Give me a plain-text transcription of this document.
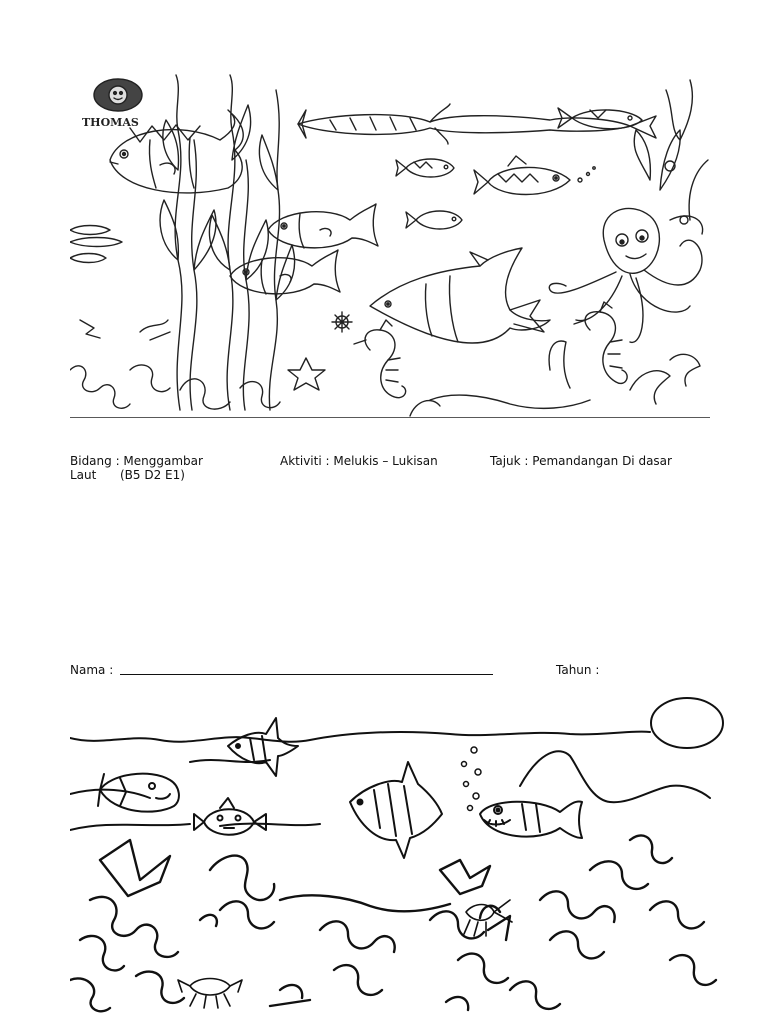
THOMAS
Bidang : Menggambar	Aktiviti : Melukis – Lukisan	Tajuk : Pemandangan Di dasar
Laut (B5 D2 E1)
Nama :	Tahun :
